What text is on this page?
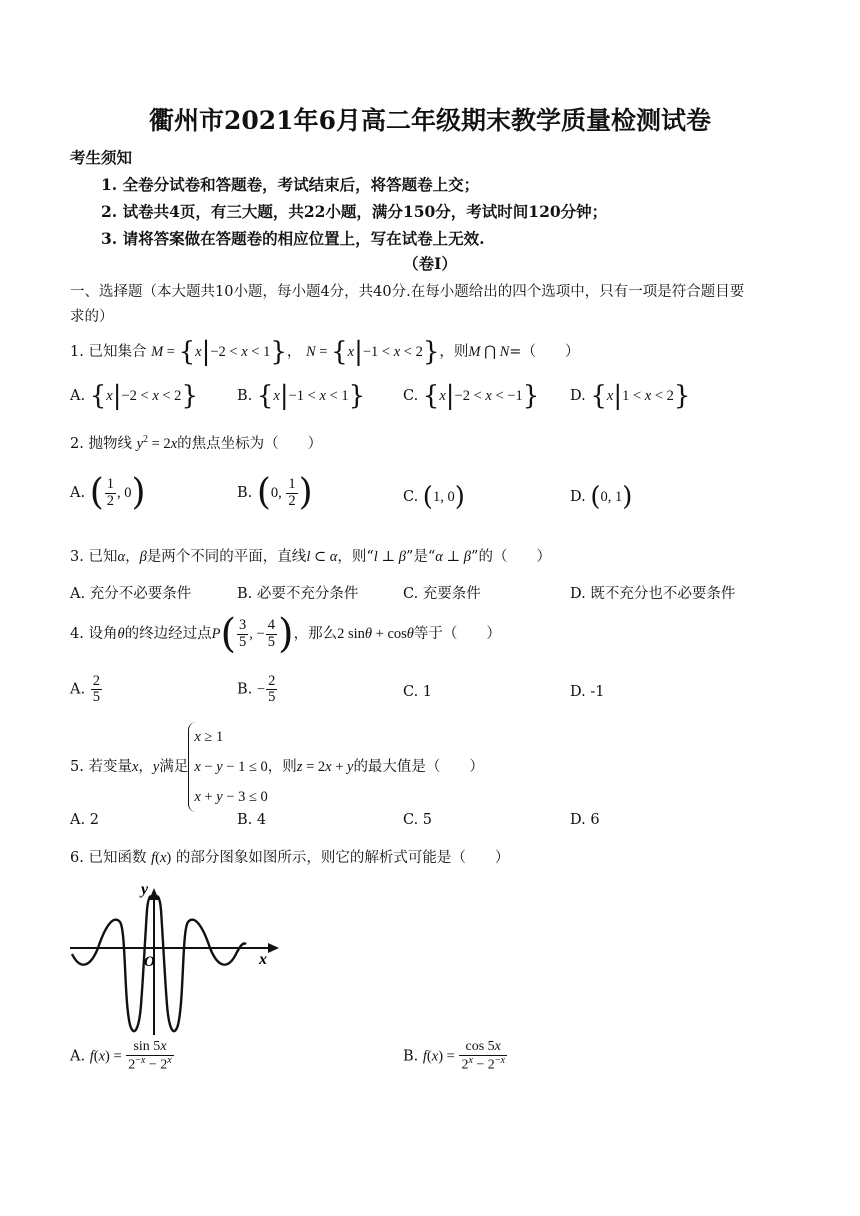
衢州市2021年6月高二年级期末教学质量检测试卷
考生须知
1. 全卷分试卷和答题卷，考试结束后，将答题卷上交；
2. 试卷共4页，有三大题，共22小题，满分150分，考试时间120分钟；
3. 请将答案做在答题卷的相应位置上，写在试卷上无效.
（卷Ⅰ）
一、选择题（本大题共10小题，每小题4分，共40分.在每小题给出的四个选项中，只有一项是符合题目要
求的）
1. 已知集合 M = {x|−2 < x < 1}， N = {x|−1 < x < 2}，则M ⋂ N=（　　）
A. {x|−2 < x < 2}	B. {x|−1 < x < 1}	C. {x|−2 < x < −1} D. {x|1 < x < 2}
2. 抛物线 $y^2 = 2x$的焦点坐标为（　　）
A. ( $\frac{1}{2}$ , 0)	B. (0, $\frac{1}{2}$ )	C. (1, 0)	D. (0, 1)
3. 已知α，β是两个不同的平面，直线l ⊂ α，则“l ⊥ β”是“α ⊥ β”的（　　）
A. 充分不必要条件	B. 必要不充分条件	C. 充要条件	D. 既不充分也不必要条件
4. 设角θ的终边经过点$P( \frac{3}{5}$ , − $\frac{4}{5}$ )，那么2 sinθ + cosθ等于（　　）
A. $\frac{2}{5}$	B. − $\frac{2}{5}$	C. 1	D. -1
5. 若变量x，y满足
x ≥ 1
x − y − 1 ≤ 0
x + y − 3 ≤ 0
，则z = 2x + y的最大值是（　　）
A. 2	B. 4	C. 5	D. 6
6. 已知函数 f(x) 的部分图象如图所示，则它的解析式可能是（　　）
x
y
O
A. $f(x) = \frac{\sin 5x}{2^{-x} - 2^x}$	B. $f(x) = \frac{\cos 5x}{2^x - 2^{-x}}$
